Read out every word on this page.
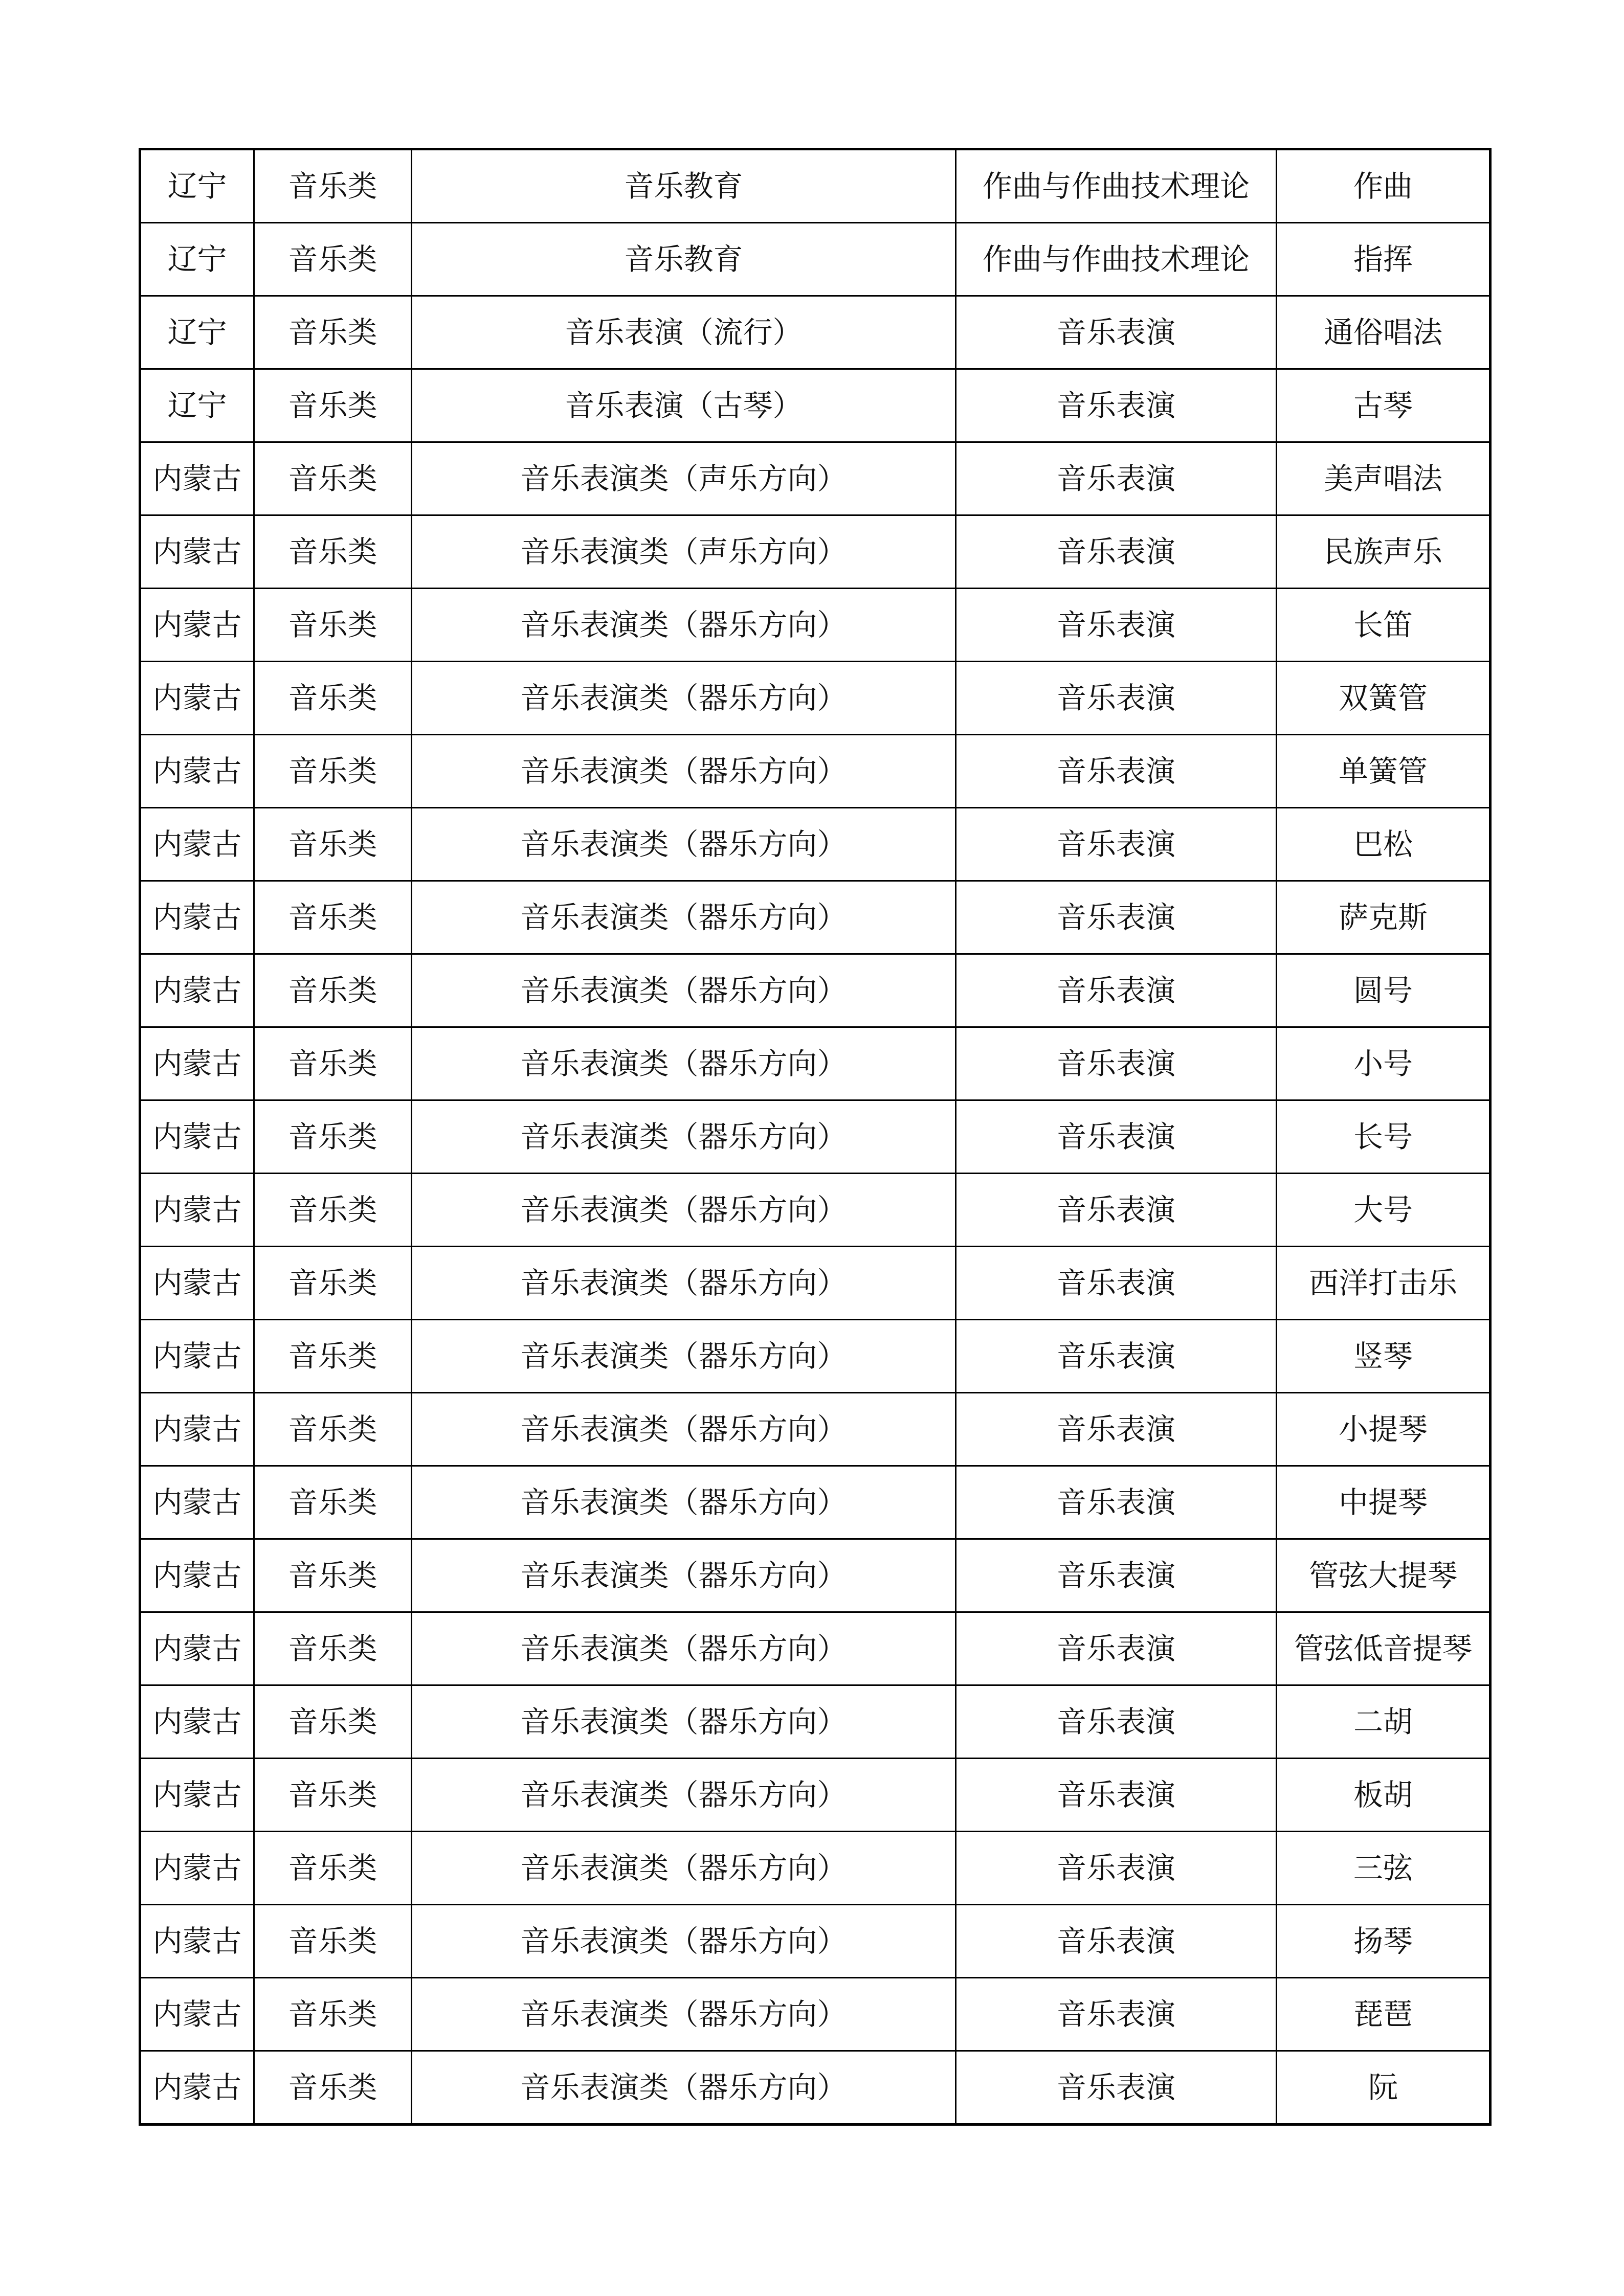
辽宁	音乐类	音乐教育	作曲与作曲技术理论	作曲
辽宁	音乐类	音乐教育	作曲与作曲技术理论	指挥
辽宁	音乐类	音乐表演（流行）	音乐表演	通俗唱法
辽宁	音乐类	音乐表演（古琴）	音乐表演	古琴
内蒙古	音乐类	音乐表演类（声乐方向）	音乐表演	美声唱法
内蒙古	音乐类	音乐表演类（声乐方向）	音乐表演	民族声乐
内蒙古	音乐类	音乐表演类（器乐方向）	音乐表演	长笛
内蒙古	音乐类	音乐表演类（器乐方向）	音乐表演	双簧管
内蒙古	音乐类	音乐表演类（器乐方向）	音乐表演	单簧管
内蒙古	音乐类	音乐表演类（器乐方向）	音乐表演	巴松
内蒙古	音乐类	音乐表演类（器乐方向）	音乐表演	萨克斯
内蒙古	音乐类	音乐表演类（器乐方向）	音乐表演	圆号
内蒙古	音乐类	音乐表演类（器乐方向）	音乐表演	小号
内蒙古	音乐类	音乐表演类（器乐方向）	音乐表演	长号
内蒙古	音乐类	音乐表演类（器乐方向）	音乐表演	大号
内蒙古	音乐类	音乐表演类（器乐方向）	音乐表演	西洋打击乐
内蒙古	音乐类	音乐表演类（器乐方向）	音乐表演	竖琴
内蒙古	音乐类	音乐表演类（器乐方向）	音乐表演	小提琴
内蒙古	音乐类	音乐表演类（器乐方向）	音乐表演	中提琴
内蒙古	音乐类	音乐表演类（器乐方向）	音乐表演	管弦大提琴
内蒙古	音乐类	音乐表演类（器乐方向）	音乐表演	管弦低音提琴
内蒙古	音乐类	音乐表演类（器乐方向）	音乐表演	二胡
内蒙古	音乐类	音乐表演类（器乐方向）	音乐表演	板胡
内蒙古	音乐类	音乐表演类（器乐方向）	音乐表演	三弦
内蒙古	音乐类	音乐表演类（器乐方向）	音乐表演	扬琴
内蒙古	音乐类	音乐表演类（器乐方向）	音乐表演	琵琶
内蒙古	音乐类	音乐表演类（器乐方向）	音乐表演	阮
